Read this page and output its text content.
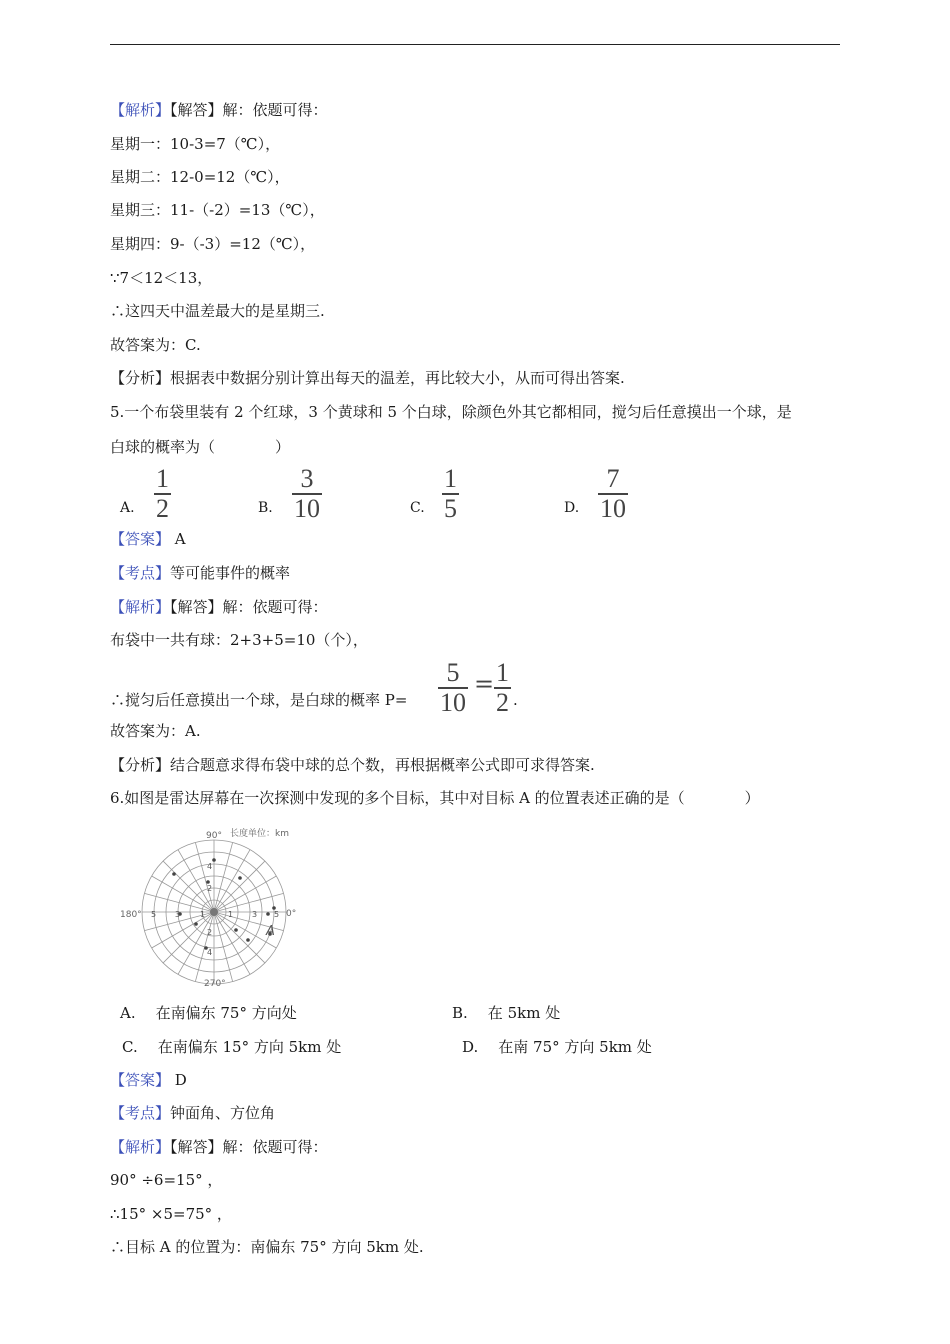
【解析】【解答】解：依题可得：
星期一：10-3=7（℃），
星期二：12-0=12（℃），
星期三：11-（-2）=13（℃），
星期四：9-（-3）=12（℃），
∵7＜12＜13，
∴这四天中温差最大的是星期三.
故答案为：C.
【分析】根据表中数据分别计算出每天的温差，再比较大小，从而可得出答案.
5.一个布袋里装有 2 个红球，3 个黄球和 5 个白球，除颜色外其它都相同，搅匀后任意摸出一个球，是
白球的概率为（　　　　）
A.
1
2	B.
3
10	C.
1
5	D.
7
10
【答案】 A
【考点】等可能事件的概率
【解析】【解答】解：依题可得：
布袋中一共有球：2+3+5=10（个），
∴搅匀后任意摸出一个球，是白球的概率 P=
5
10
= 1
2 .
故答案为：A.
【分析】结合题意求得布袋中球的总个数，再根据概率公式即可求得答案.
6.如图是雷达屏幕在一次探测中发现的多个目标，其中对目标 A 的位置表述正确的是（　　　　）
90° 长度单位：km
180°	0°
270°
A
5 3 1	1 3 5
2
4
2
4
A. 在南偏东 75° 方向处	B. 在 5km 处
C. 在南偏东 15° 方向 5km 处	D. 在南 75° 方向 5km 处
【答案】 D
【考点】钟面角、方位角
【解析】【解答】解：依题可得：
90° ÷6=15° ，
∴15° ×5=75° ，
∴目标 A 的位置为：南偏东 75° 方向 5km 处.
